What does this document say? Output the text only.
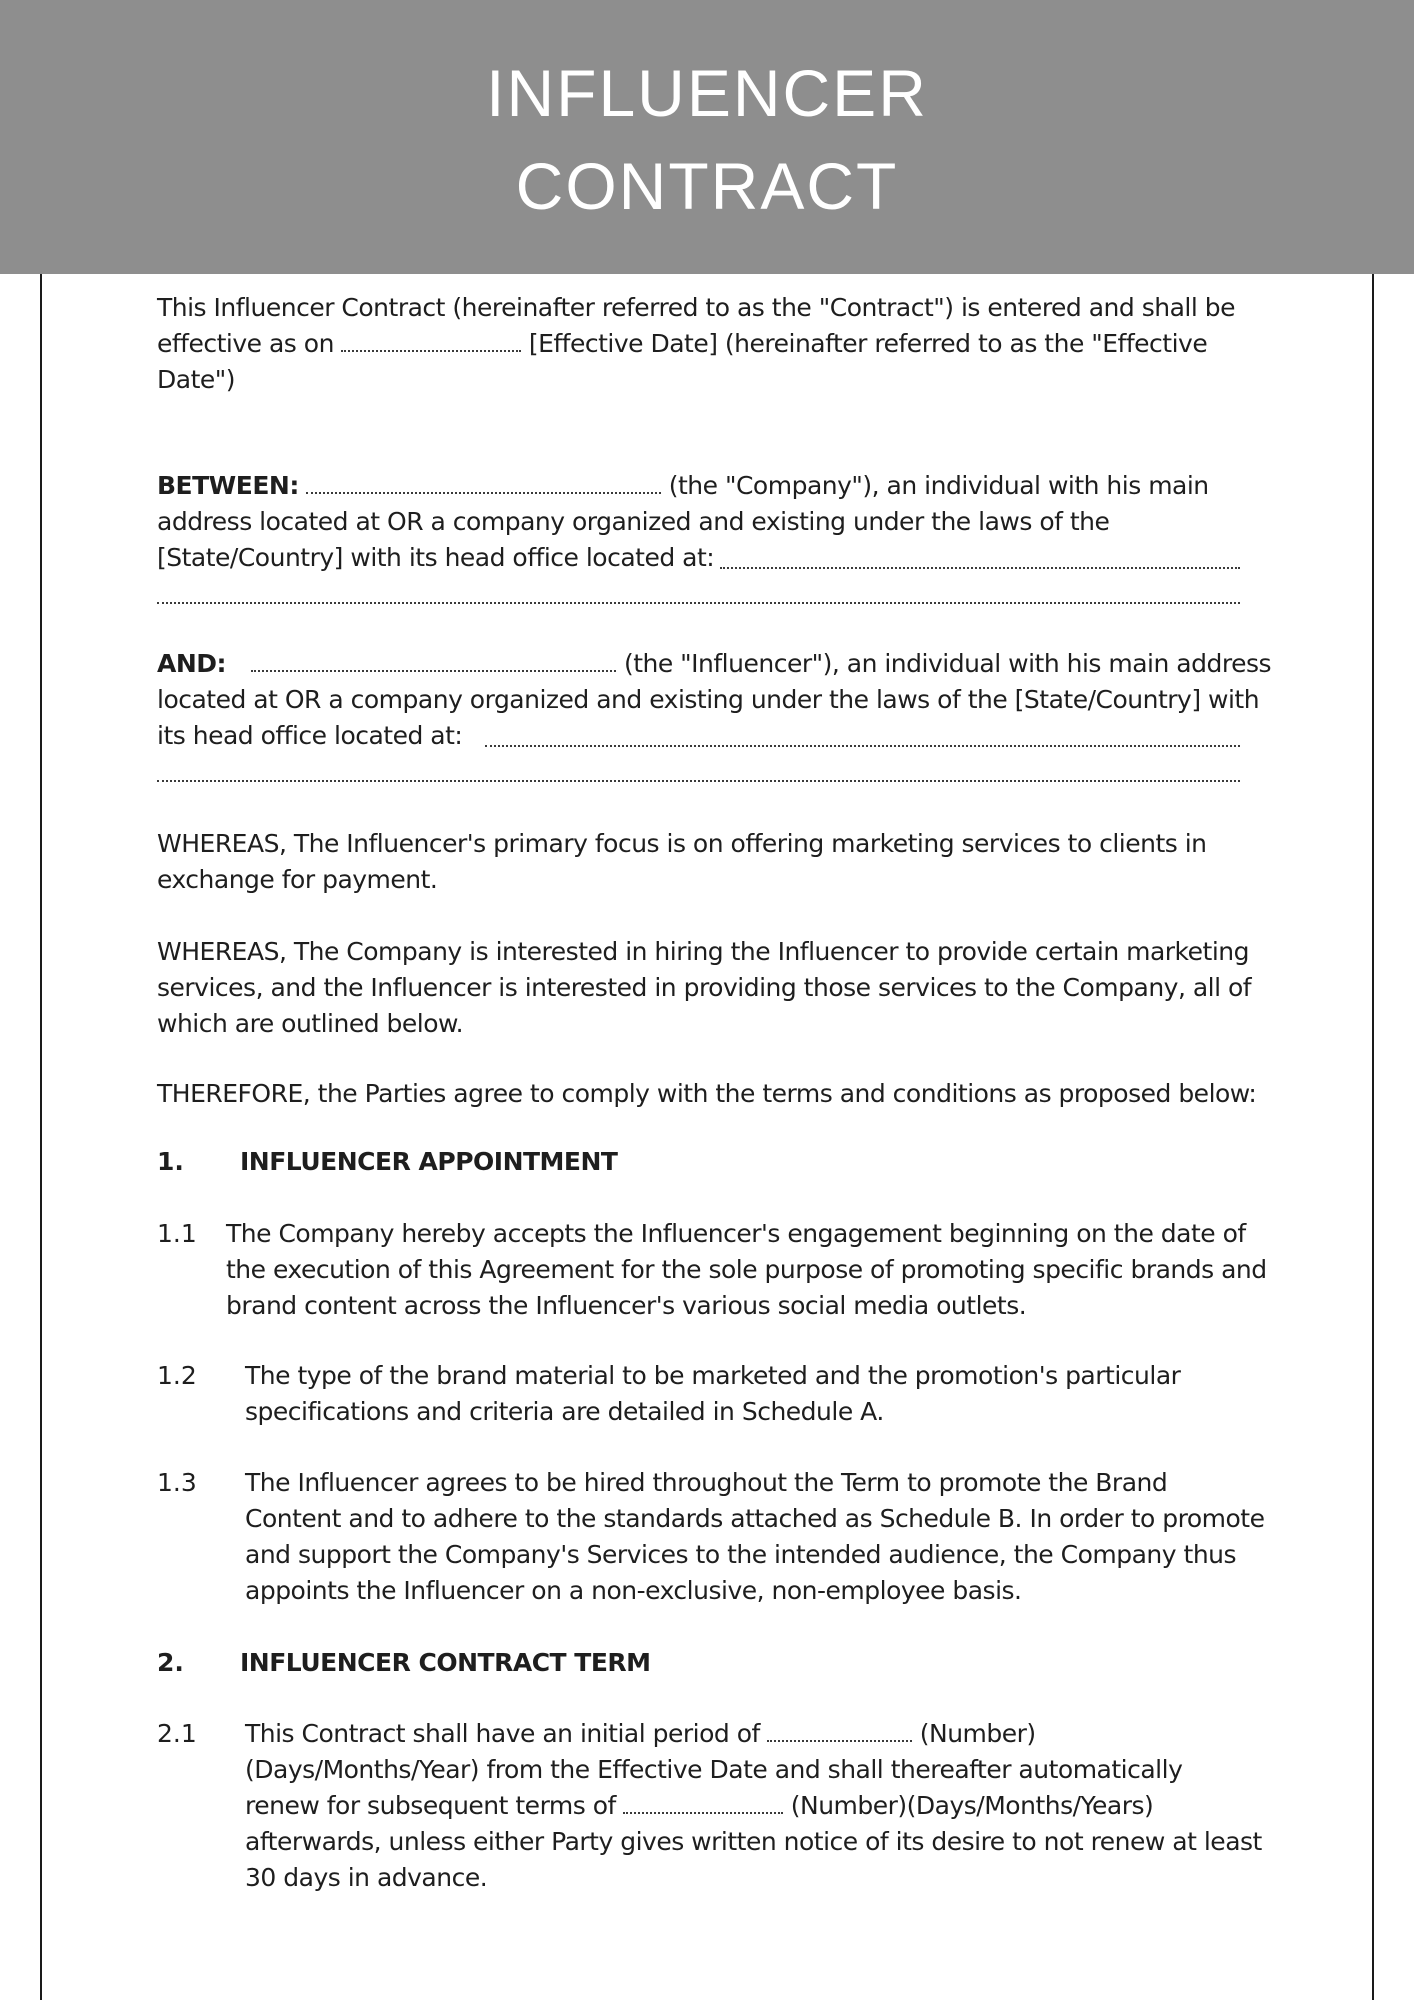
INFLUENCER
CONTRACT
This Influencer Contract (hereinafter referred to as the "Contract") is entered and shall be
effective as on	[Effective Date] (hereinafter referred to as the "Effective
Date")
BETWEEN:	(the "Company"), an individual with his main
address located at OR a company organized and existing under the laws of the
[State/Country] with its head office located at:
AND:	(the "Influencer"), an individual with his main address
located at OR a company organized and existing under the laws of the [State/Country] with
its head office located at:
WHEREAS, The Influencer's primary focus is on offering marketing services to clients in
exchange for payment.
WHEREAS, The Company is interested in hiring the Influencer to provide certain marketing
services, and the Influencer is interested in providing those services to the Company, all of
which are outlined below.
THEREFORE, the Parties agree to comply with the terms and conditions as proposed below:
1. INFLUENCER APPOINTMENT
1.1 The Company hereby accepts the Influencer's engagement beginning on the date of
the execution of this Agreement for the sole purpose of promoting specific brands and
brand content across the Influencer's various social media outlets.
1.2 The type of the brand material to be marketed and the promotion's particular
specifications and criteria are detailed in Schedule A.
1.3 The Influencer agrees to be hired throughout the Term to promote the Brand
Content and to adhere to the standards attached as Schedule B. In order to promote
and support the Company's Services to the intended audience, the Company thus
appoints the Influencer on a non-exclusive, non-employee basis.
2. INFLUENCER CONTRACT TERM
2.1 This Contract shall have an initial period of	(Number)
(Days/Months/Year) from the Effective Date and shall thereafter automatically
renew for subsequent terms of	(Number)(Days/Months/Years)
afterwards, unless either Party gives written notice of its desire to not renew at least
30 days in advance.
